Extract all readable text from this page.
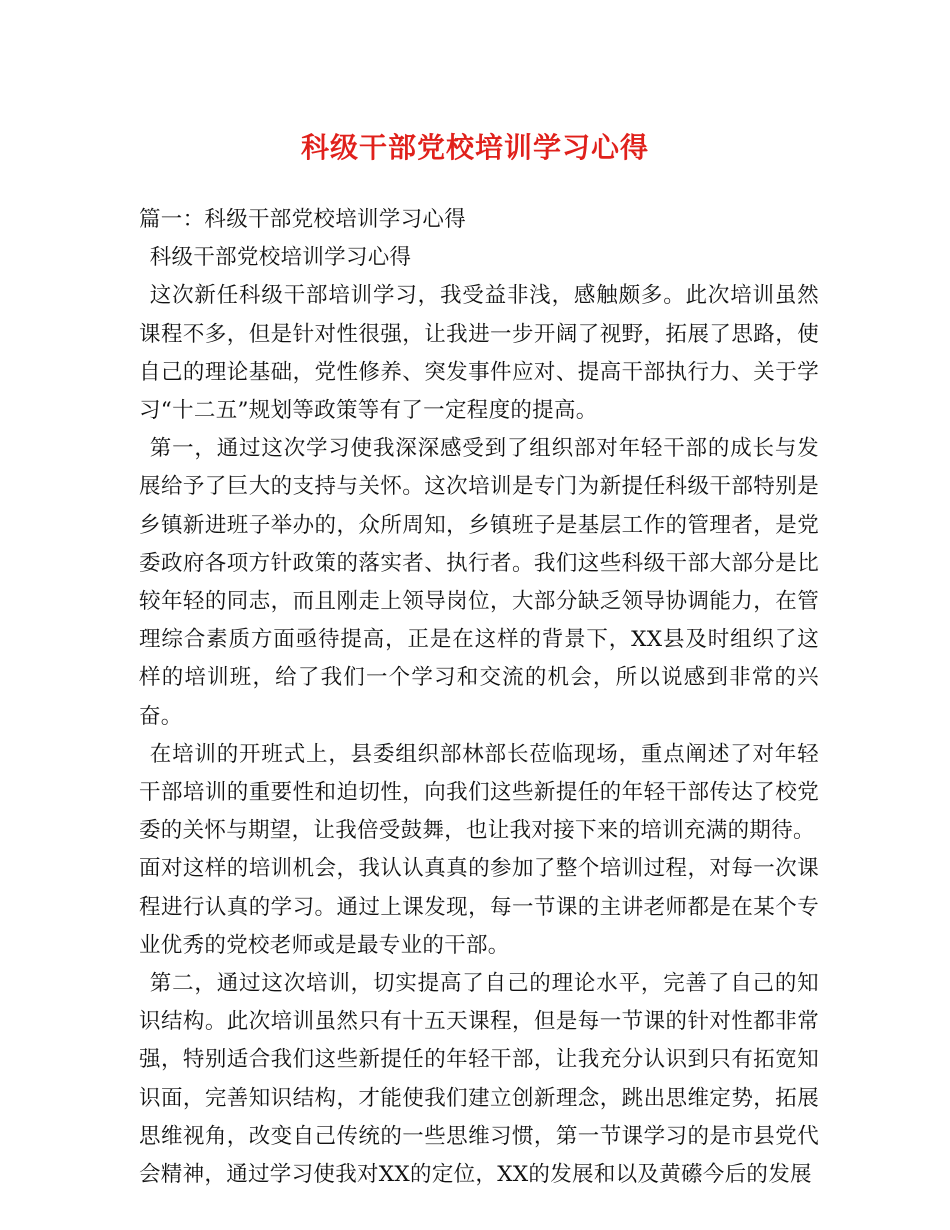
科级干部党校培训学习心得

篇一：科级干部党校培训学习心得

科级干部党校培训学习心得

这次新任科级干部培训学习，我受益非浅，感触颇多。此次培训虽然课程不多，但是针对性很强，让我进一步开阔了视野，拓展了思路，使自己的理论基础，党性修养、突发事件应对、提高干部执行力、关于学习“十二五”规划等政策等有了一定程度的提高。

第一，通过这次学习使我深深感受到了组织部对年轻干部的成长与发展给予了巨大的支持与关怀。这次培训是专门为新提任科级干部特别是乡镇新进班子举办的，众所周知，乡镇班子是基层工作的管理者，是党委政府各项方针政策的落实者、执行者。我们这些科级干部大部分是比较年轻的同志，而且刚走上领导岗位，大部分缺乏领导协调能力，在管理综合素质方面亟待提高，正是在这样的背景下，XX县及时组织了这样的培训班，给了我们一个学习和交流的机会，所以说感到非常的兴奋。

在培训的开班式上，县委组织部林部长莅临现场，重点阐述了对年轻干部培训的重要性和迫切性，向我们这些新提任的年轻干部传达了校党委的关怀与期望，让我倍受鼓舞，也让我对接下来的培训充满的期待。

面对这样的培训机会，我认认真真的参加了整个培训过程，对每一次课程进行认真的学习。通过上课发现，每一节课的主讲老师都是在某个专业优秀的党校老师或是最专业的干部。

第二，通过这次培训，切实提高了自己的理论水平，完善了自己的知识结构。此次培训虽然只有十五天课程，但是每一节课的针对性都非常强，特别适合我们这些新提任的年轻干部，让我充分认识到只有拓宽知识面，完善知识结构，才能使我们建立创新理念，跳出思维定势，拓展思维视角，改变自己传统的一些思维习惯，第一节课学习的是市县党代会精神，通过学习使我对XX的定位，XX的发展和以及黄礤今后的发展
